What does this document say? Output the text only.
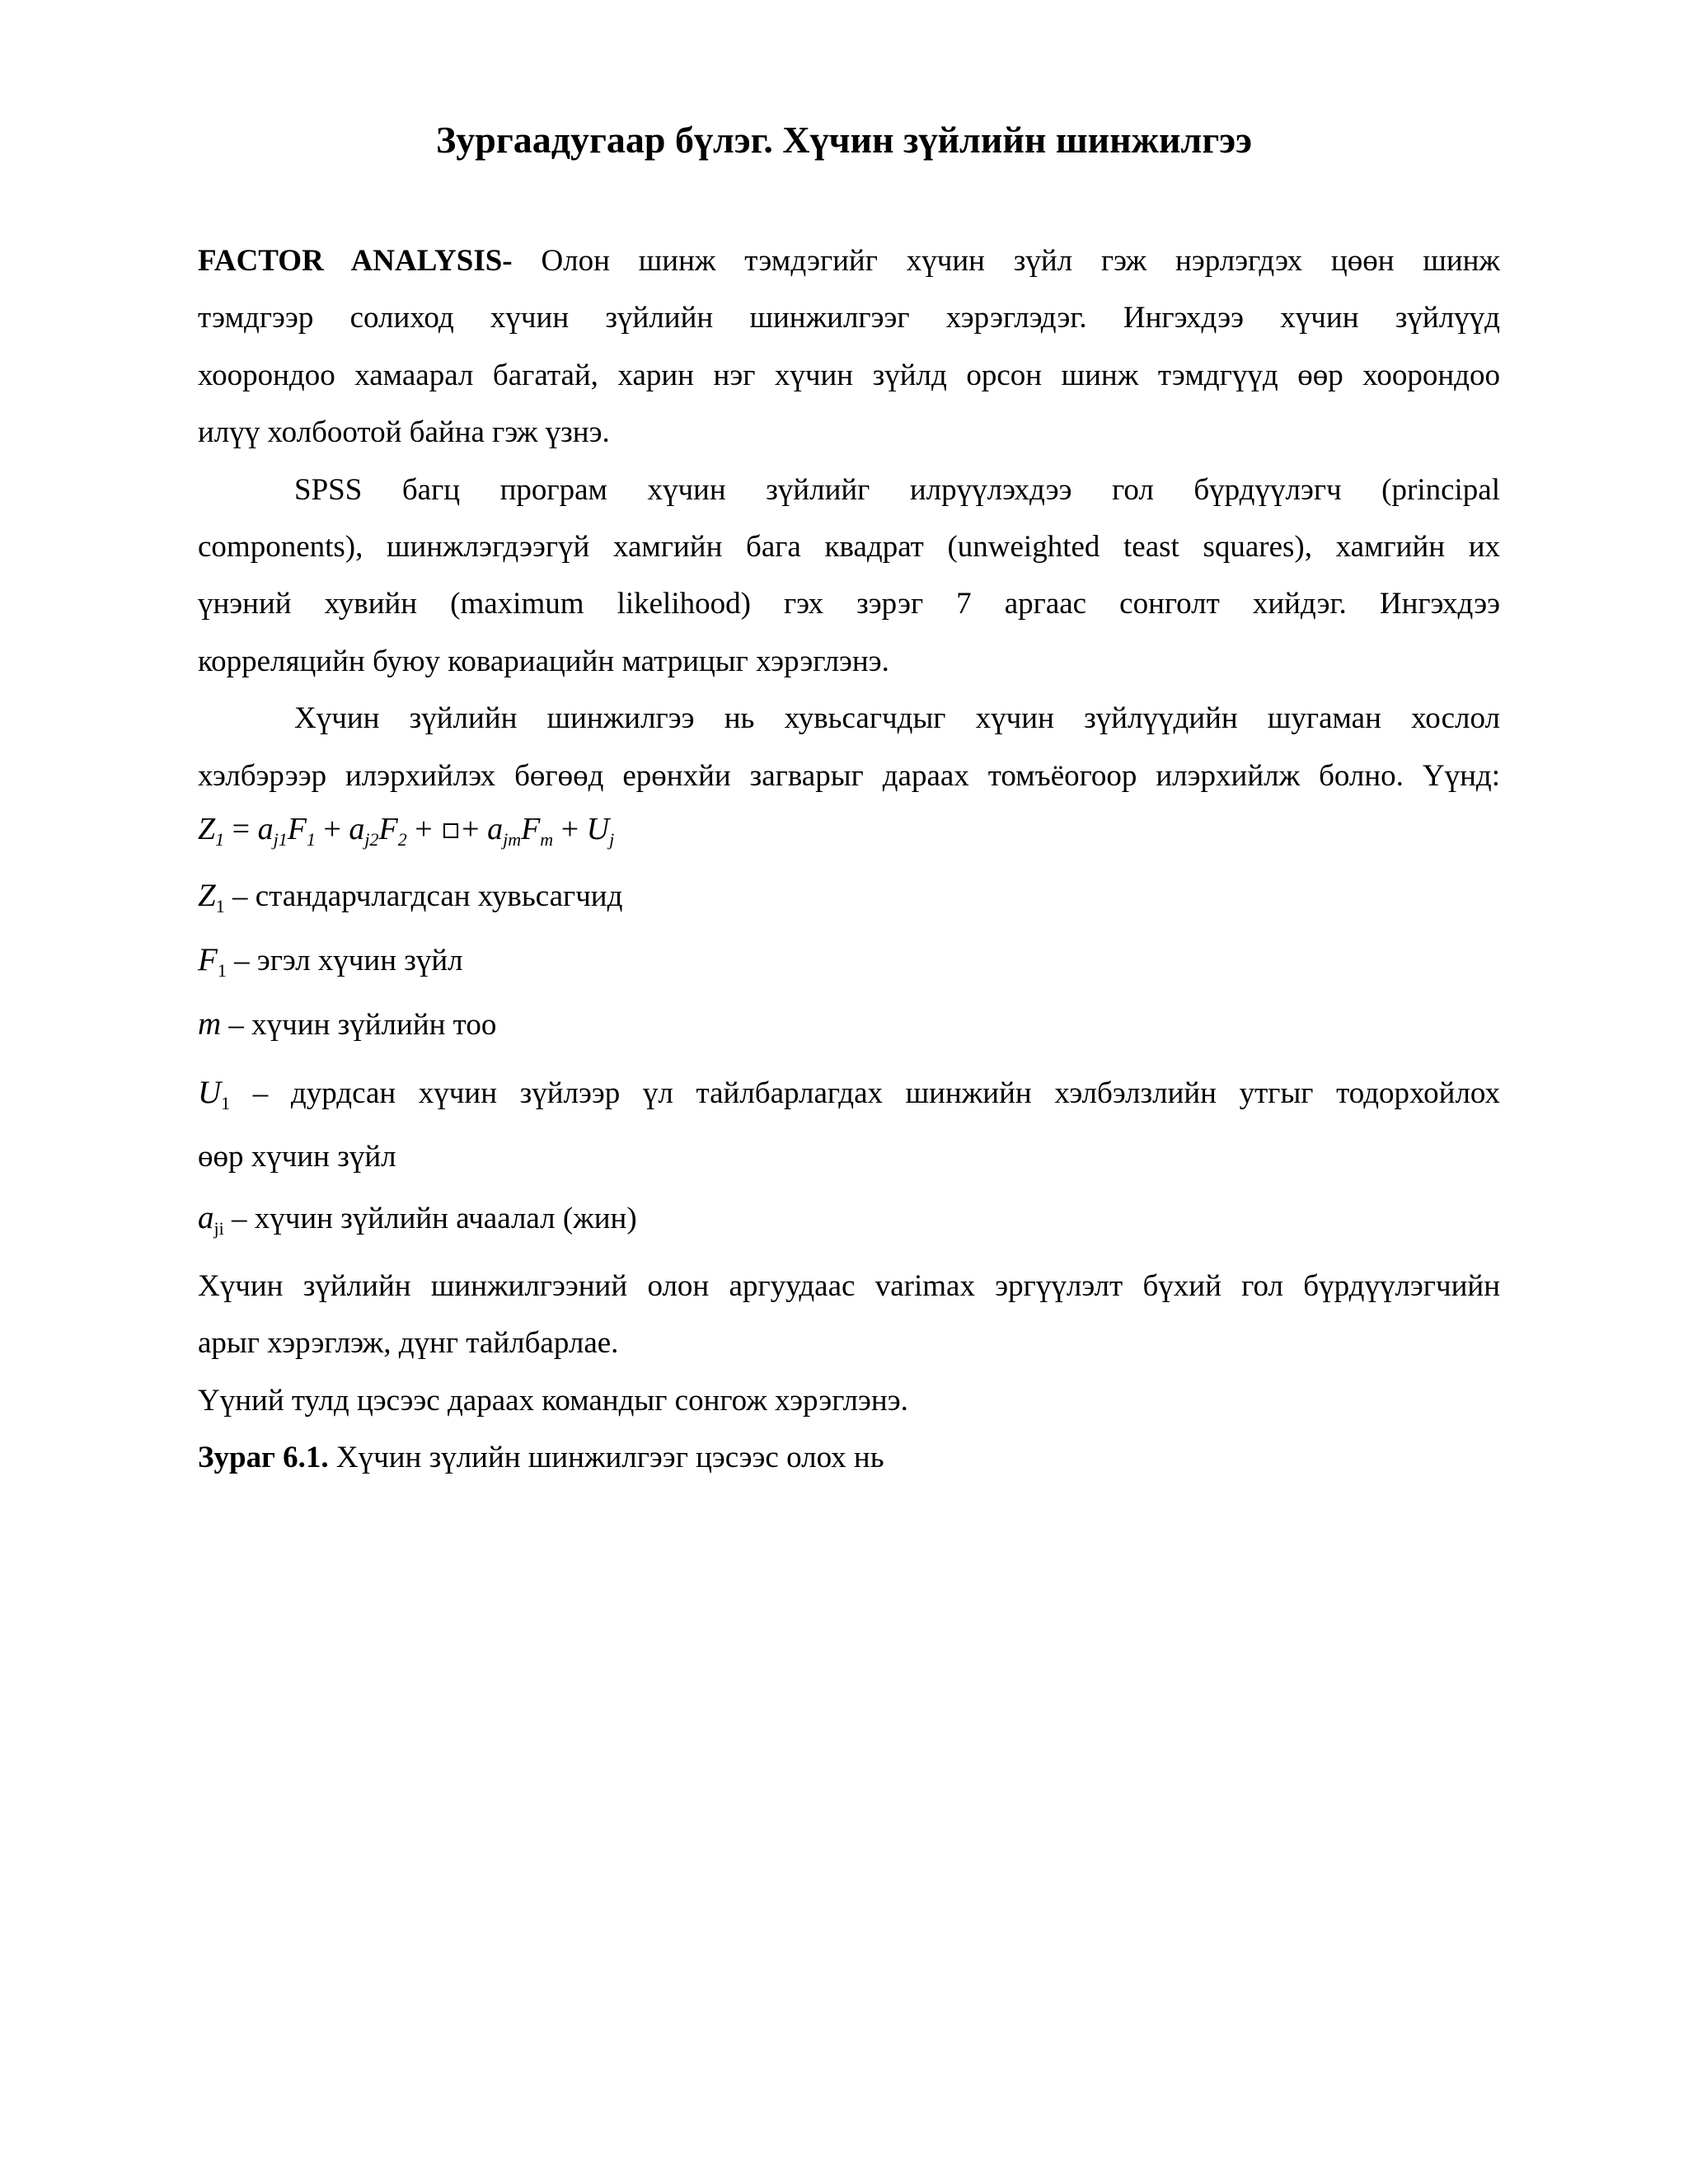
Зургаадугаар бүлэг. Хүчин зүйлийн шинжилгээ

FACTOR ANALYSIS- Олон шинж тэмдэгийг хүчин зүйл гэж нэрлэгдэх цөөн шинж

тэмдгээр солиход хүчин зүйлийн шинжилгээг хэрэглэдэг. Ингэхдээ хүчин зүйлүүд

хоорондоо хамаарал багатай, харин нэг хүчин зүйлд орсон шинж тэмдгүүд өөр хоорондоо

илүү холбоотой байна гэж үзнэ.

SPSS багц програм хүчин зүйлийг илрүүлэхдээ гол бүрдүүлэгч (principal

components), шинжлэгдээгүй хамгийн бага квадрат (unweighted teast squares), хамгийн их

үнэний хувийн (maximum likelihood) гэх зэрэг 7 аргаас сонголт хийдэг. Ингэхдээ

корреляцийн буюу ковариацийн матрицыг хэрэглэнэ.

Хүчин зүйлийн шинжилгээ нь хувьсагчдыг хүчин зүйлүүдийн шугаман хослол

хэлбэрээр илэрхийлэх бөгөөд ерөнхйи загварыг дараах томъёогоор илэрхийлж болно. Үүнд:

$Z_1 = a_{j1}F_1 + a_{j2}F_2$ + + $a_{jm}F_m + U_j$
$Z_1$ – стандарчлагдсан хувьсагчид
$F_1$ – эгэл хүчин зүйл
m – хүчин зүйлийн тоо
$U_1$ – дурдсан хүчин зүйлээр үл тайлбарлагдах шинжийн хэлбэлзлийн утгыг тодорхойлох
өөр хүчин зүйл
$a_{ji}$ – хүчин зүйлийн ачаалал (жин)

Хүчин зүйлийн шинжилгээний олон аргуудаас varimax эргүүлэлт бүхий гол бүрдүүлэгчийн

арыг хэрэглэж, дүнг тайлбарлае.

Үүний тулд цэсээс дараах командыг сонгож хэрэглэнэ.
Зураг 6.1. Хүчин зүлийн шинжилгээг цэсээс олох нь
